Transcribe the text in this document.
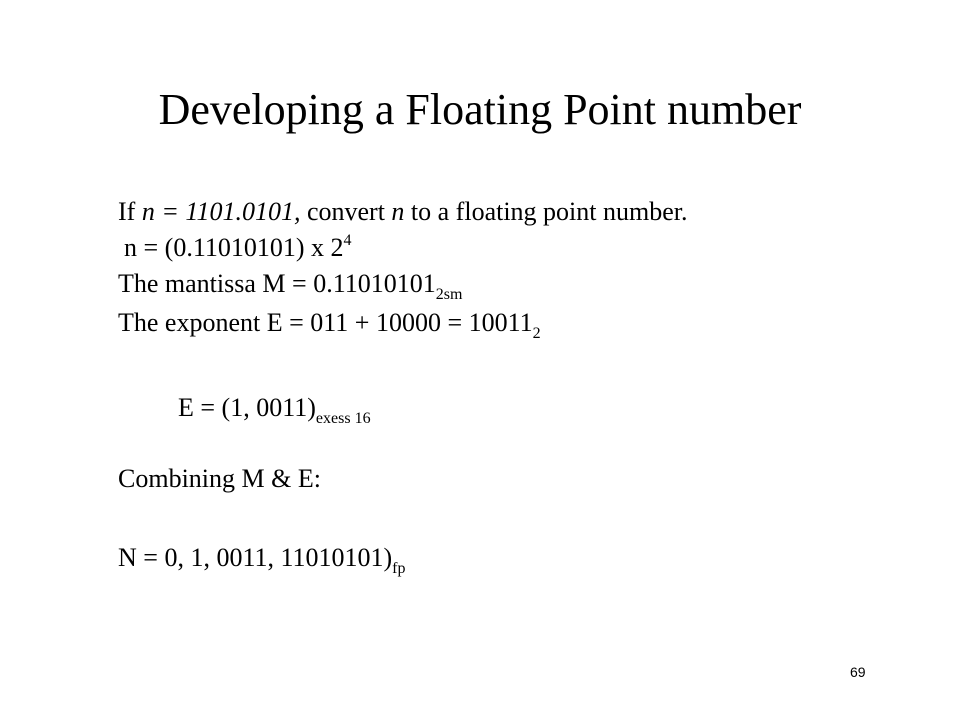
Developing a Floating Point number
If n = 1101.0101, convert n to a floating point number.
n = (0.11010101) x $2^4$
The mantissa $M = 0.11010101_{2sm}$
The exponent $E = 011 + 10000 = 10011_2$
E = (1, $0011)_{exess 16}$
Combining M & E:
N = 0, 1, 0011, $11010101)_{fp}$
69
